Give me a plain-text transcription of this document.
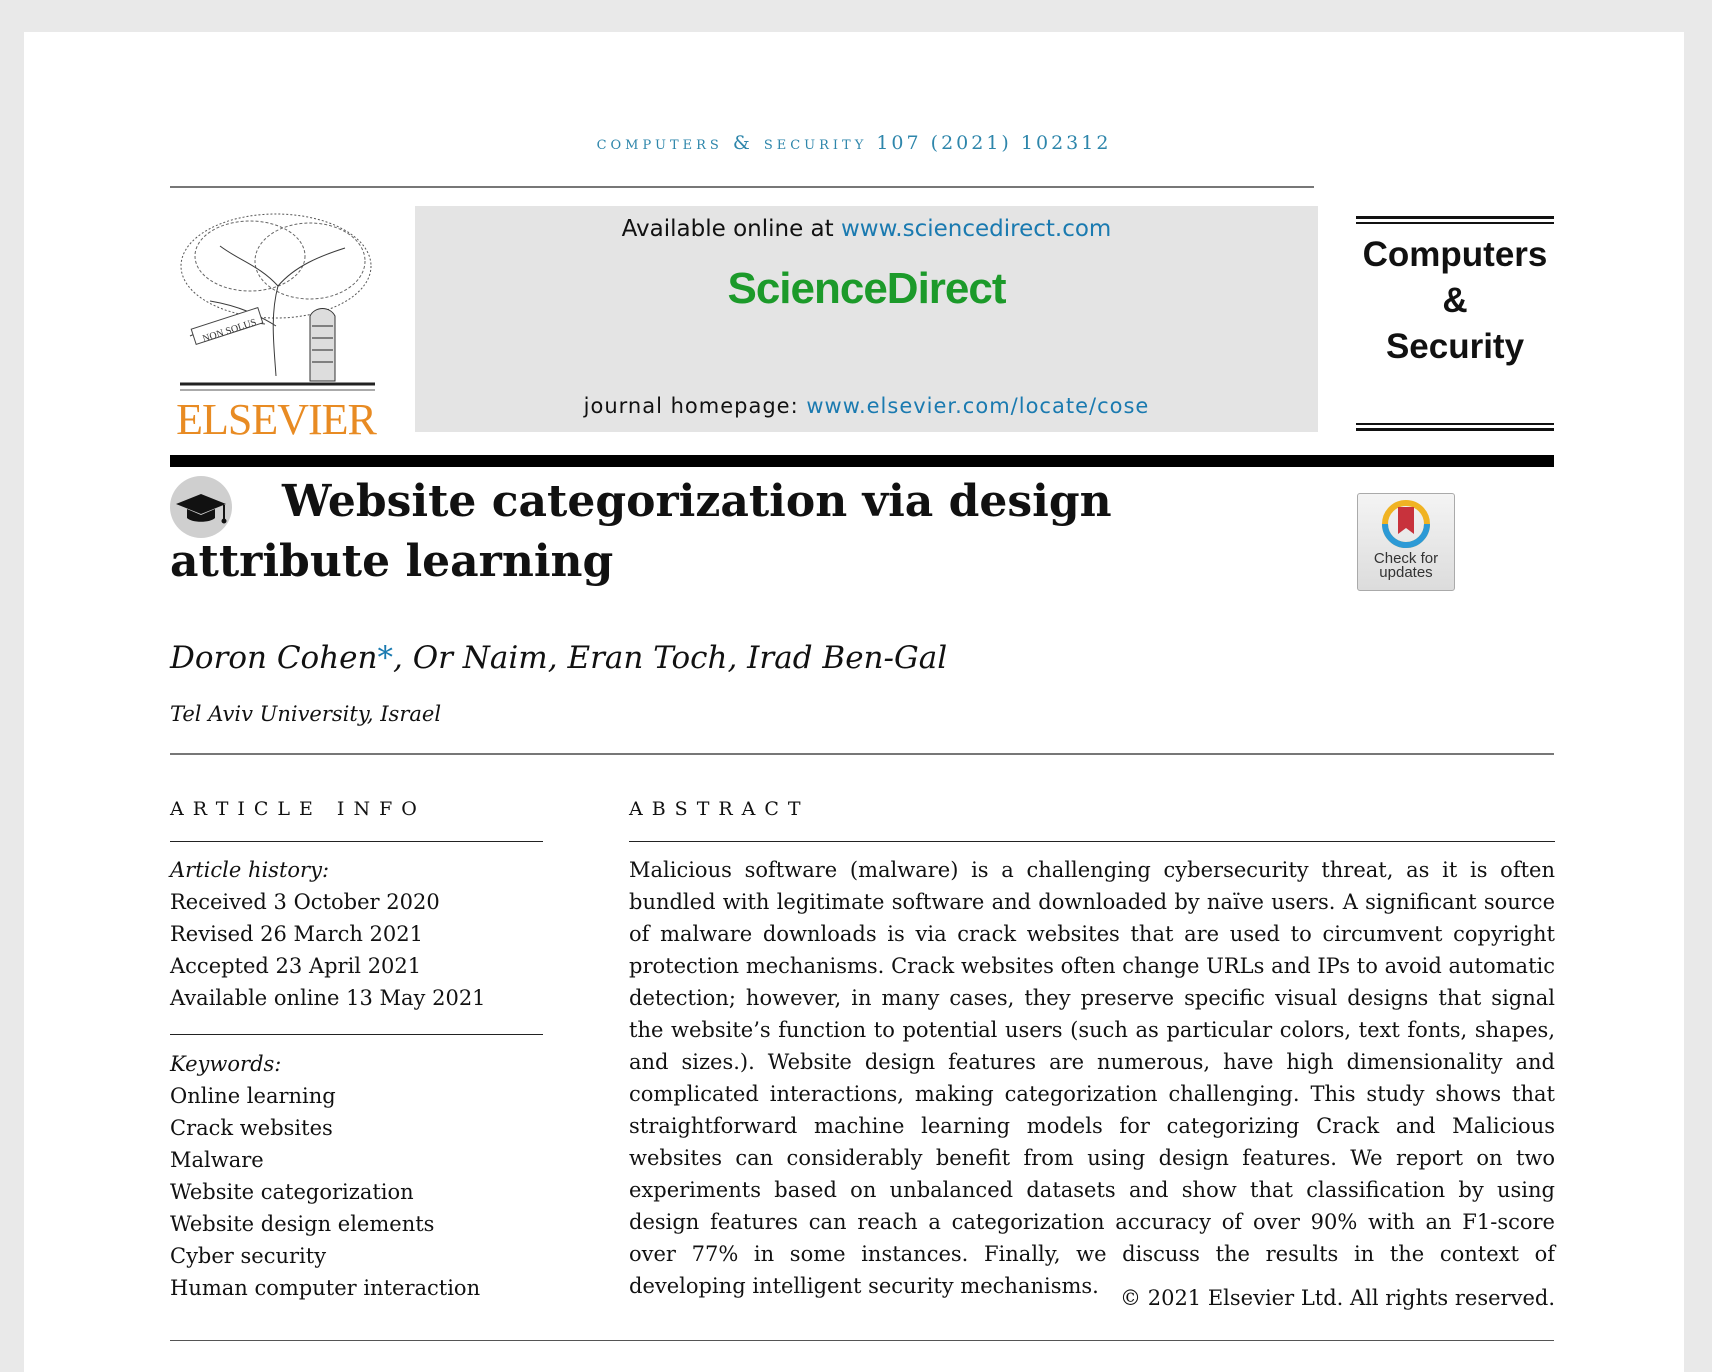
computers & security 107 (2021) 102312
NON SOLUS
ELSEVIER
Available online at www.sciencedirect.com
ScienceDirect
journal homepage: www.elsevier.com/locate/cose
Computers
&
Security
Website categorization via design attribute learning	Check for
updates
Doron Cohen*, Or Naim, Eran Toch, Irad Ben-Gal
Tel Aviv University, Israel
ARTICLE INFO
Article history:
Received 3 October 2020
Revised 26 March 2021
Accepted 23 April 2021
Available online 13 May 2021
Keywords:
Online learning
Crack websites
Malware
Website categorization
Website design elements
Cyber security
Human computer interaction
ABSTRACT
Malicious software (malware) is a challenging cybersecurity threat, as it is often bundled with legitimate software and downloaded by naïve users. A significant source of malware downloads is via crack websites that are used to circumvent copyright protection mechanisms. Crack websites often change URLs and IPs to avoid automatic detection; however, in many cases, they preserve specific visual designs that signal the website’s function to potential users (such as particular colors, text fonts, shapes, and sizes.). Website design features are numerous, have high dimensionality and complicated interactions, making categorization challenging. This study shows that straightforward machine learning models for categorizing Crack and Malicious websites can considerably benefit from using design features. We report on two experiments based on unbalanced datasets and show that classification by using design features can reach a categorization accuracy of over 90% with an F1-score over 77% in some instances. Finally, we discuss the results in the context of developing intelligent security mechanisms.	© 2021 Elsevier Ltd. All rights reserved.
